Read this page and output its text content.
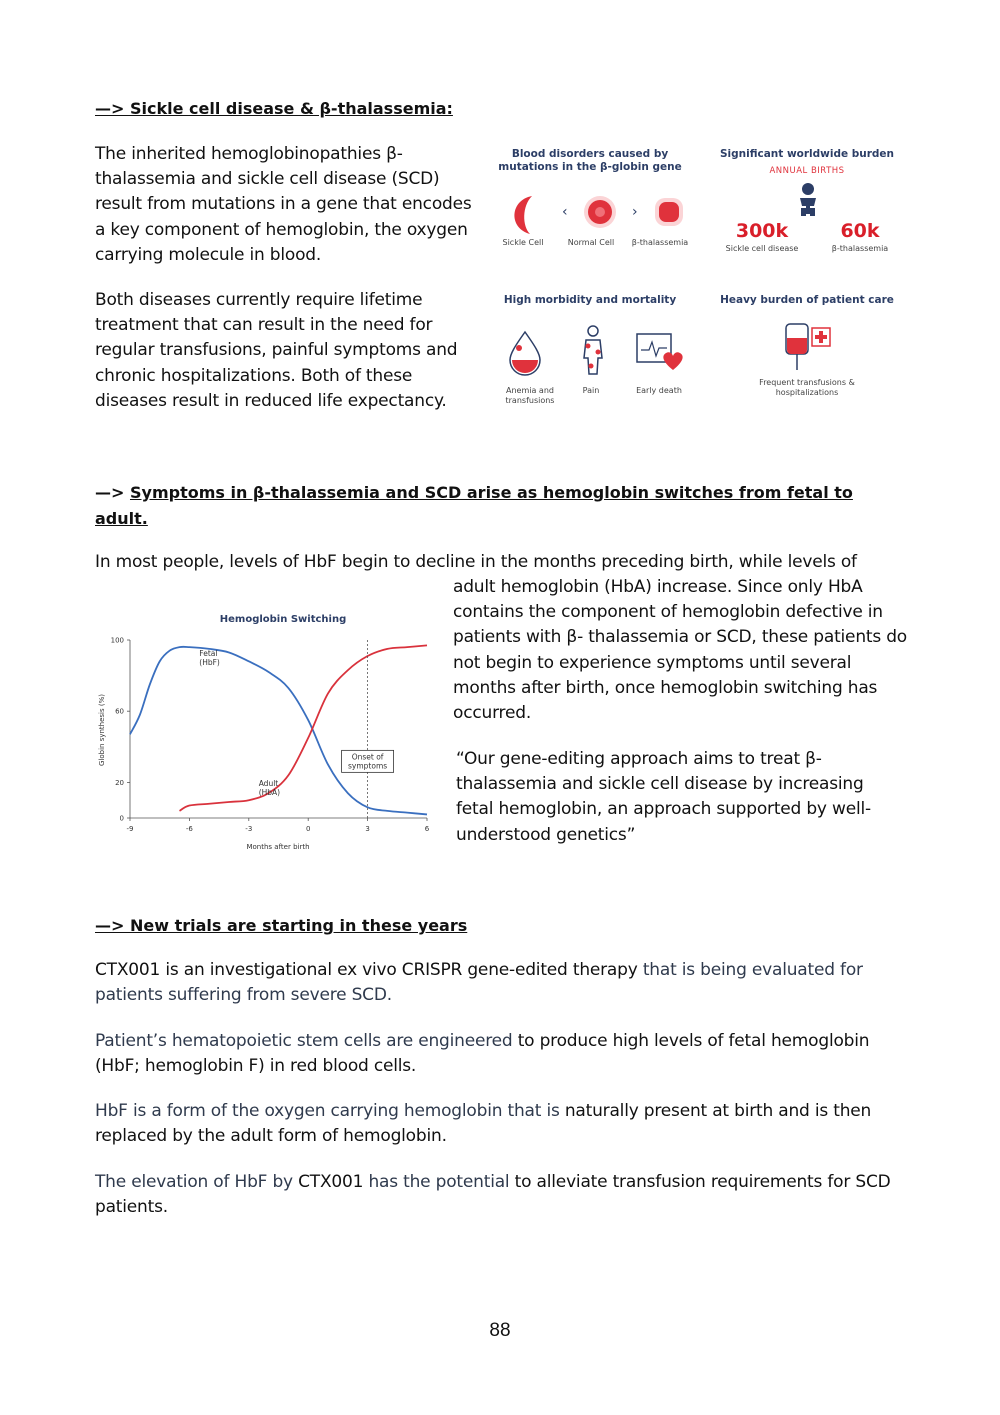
—> Sickle cell disease & β-thalassemia:

The inherited hemoglobinopathies β-thalassemia and sickle cell disease (SCD) result from mutations in a gene that encodes a key component of hemoglobin, the oxygen carrying molecule in blood.

Both diseases currently require lifetime treatment that can result in the need for regular transfusions, painful symptoms and chronic hospitalizations. Both of these diseases result in reduced life expectancy.

Blood disorders caused by mutations in the β-globin gene
‹	›
Sickle Cell	Normal Cell	β-thalassemia
Significant worldwide burden
ANNUAL BIRTHS
300k	60k
Sickle cell disease	β-thalassemia
High morbidity and mortality
Anemia and transfusions
Pain	Early death
Heavy burden of patient care
Frequent transfusions & hospitalizations
—> Symptoms in β-thalassemia and SCD arise as hemoglobin switches from fetal to
adult.

In most people, levels of HbF begin to decline in the months preceding birth, while levels of

adult hemoglobin (HbA) increase. Since only HbA contains the component of hemoglobin defective in patients with β- thalassemia or SCD, these patients do not begin to experience symptoms until several months after birth, once hemoglobin switching has occurred.

“Our gene-editing approach aims to treat β-thalassemia and sickle cell disease by increasing fetal hemoglobin, an approach supported by well-understood genetics”

Hemoglobin Switching
Globin synthesis (%)
Months after birth
-9	-6	-3	0	3	6
0
20
60
100
Onset of
symptoms
Fetal
(HbF)
Adult
(HbA)
—> New trials are starting in these years

CTX001 is an investigational ex vivo CRISPR gene-edited therapy that is being evaluated for patients suffering from severe SCD.

Patient’s hematopoietic stem cells are engineered to produce high levels of fetal hemoglobin (HbF; hemoglobin F) in red blood cells.

HbF is a form of the oxygen carrying hemoglobin that is naturally present at birth and is then replaced by the adult form of hemoglobin.

The elevation of HbF by CTX001 has the potential to alleviate transfusion requirements for SCD patients.

88
